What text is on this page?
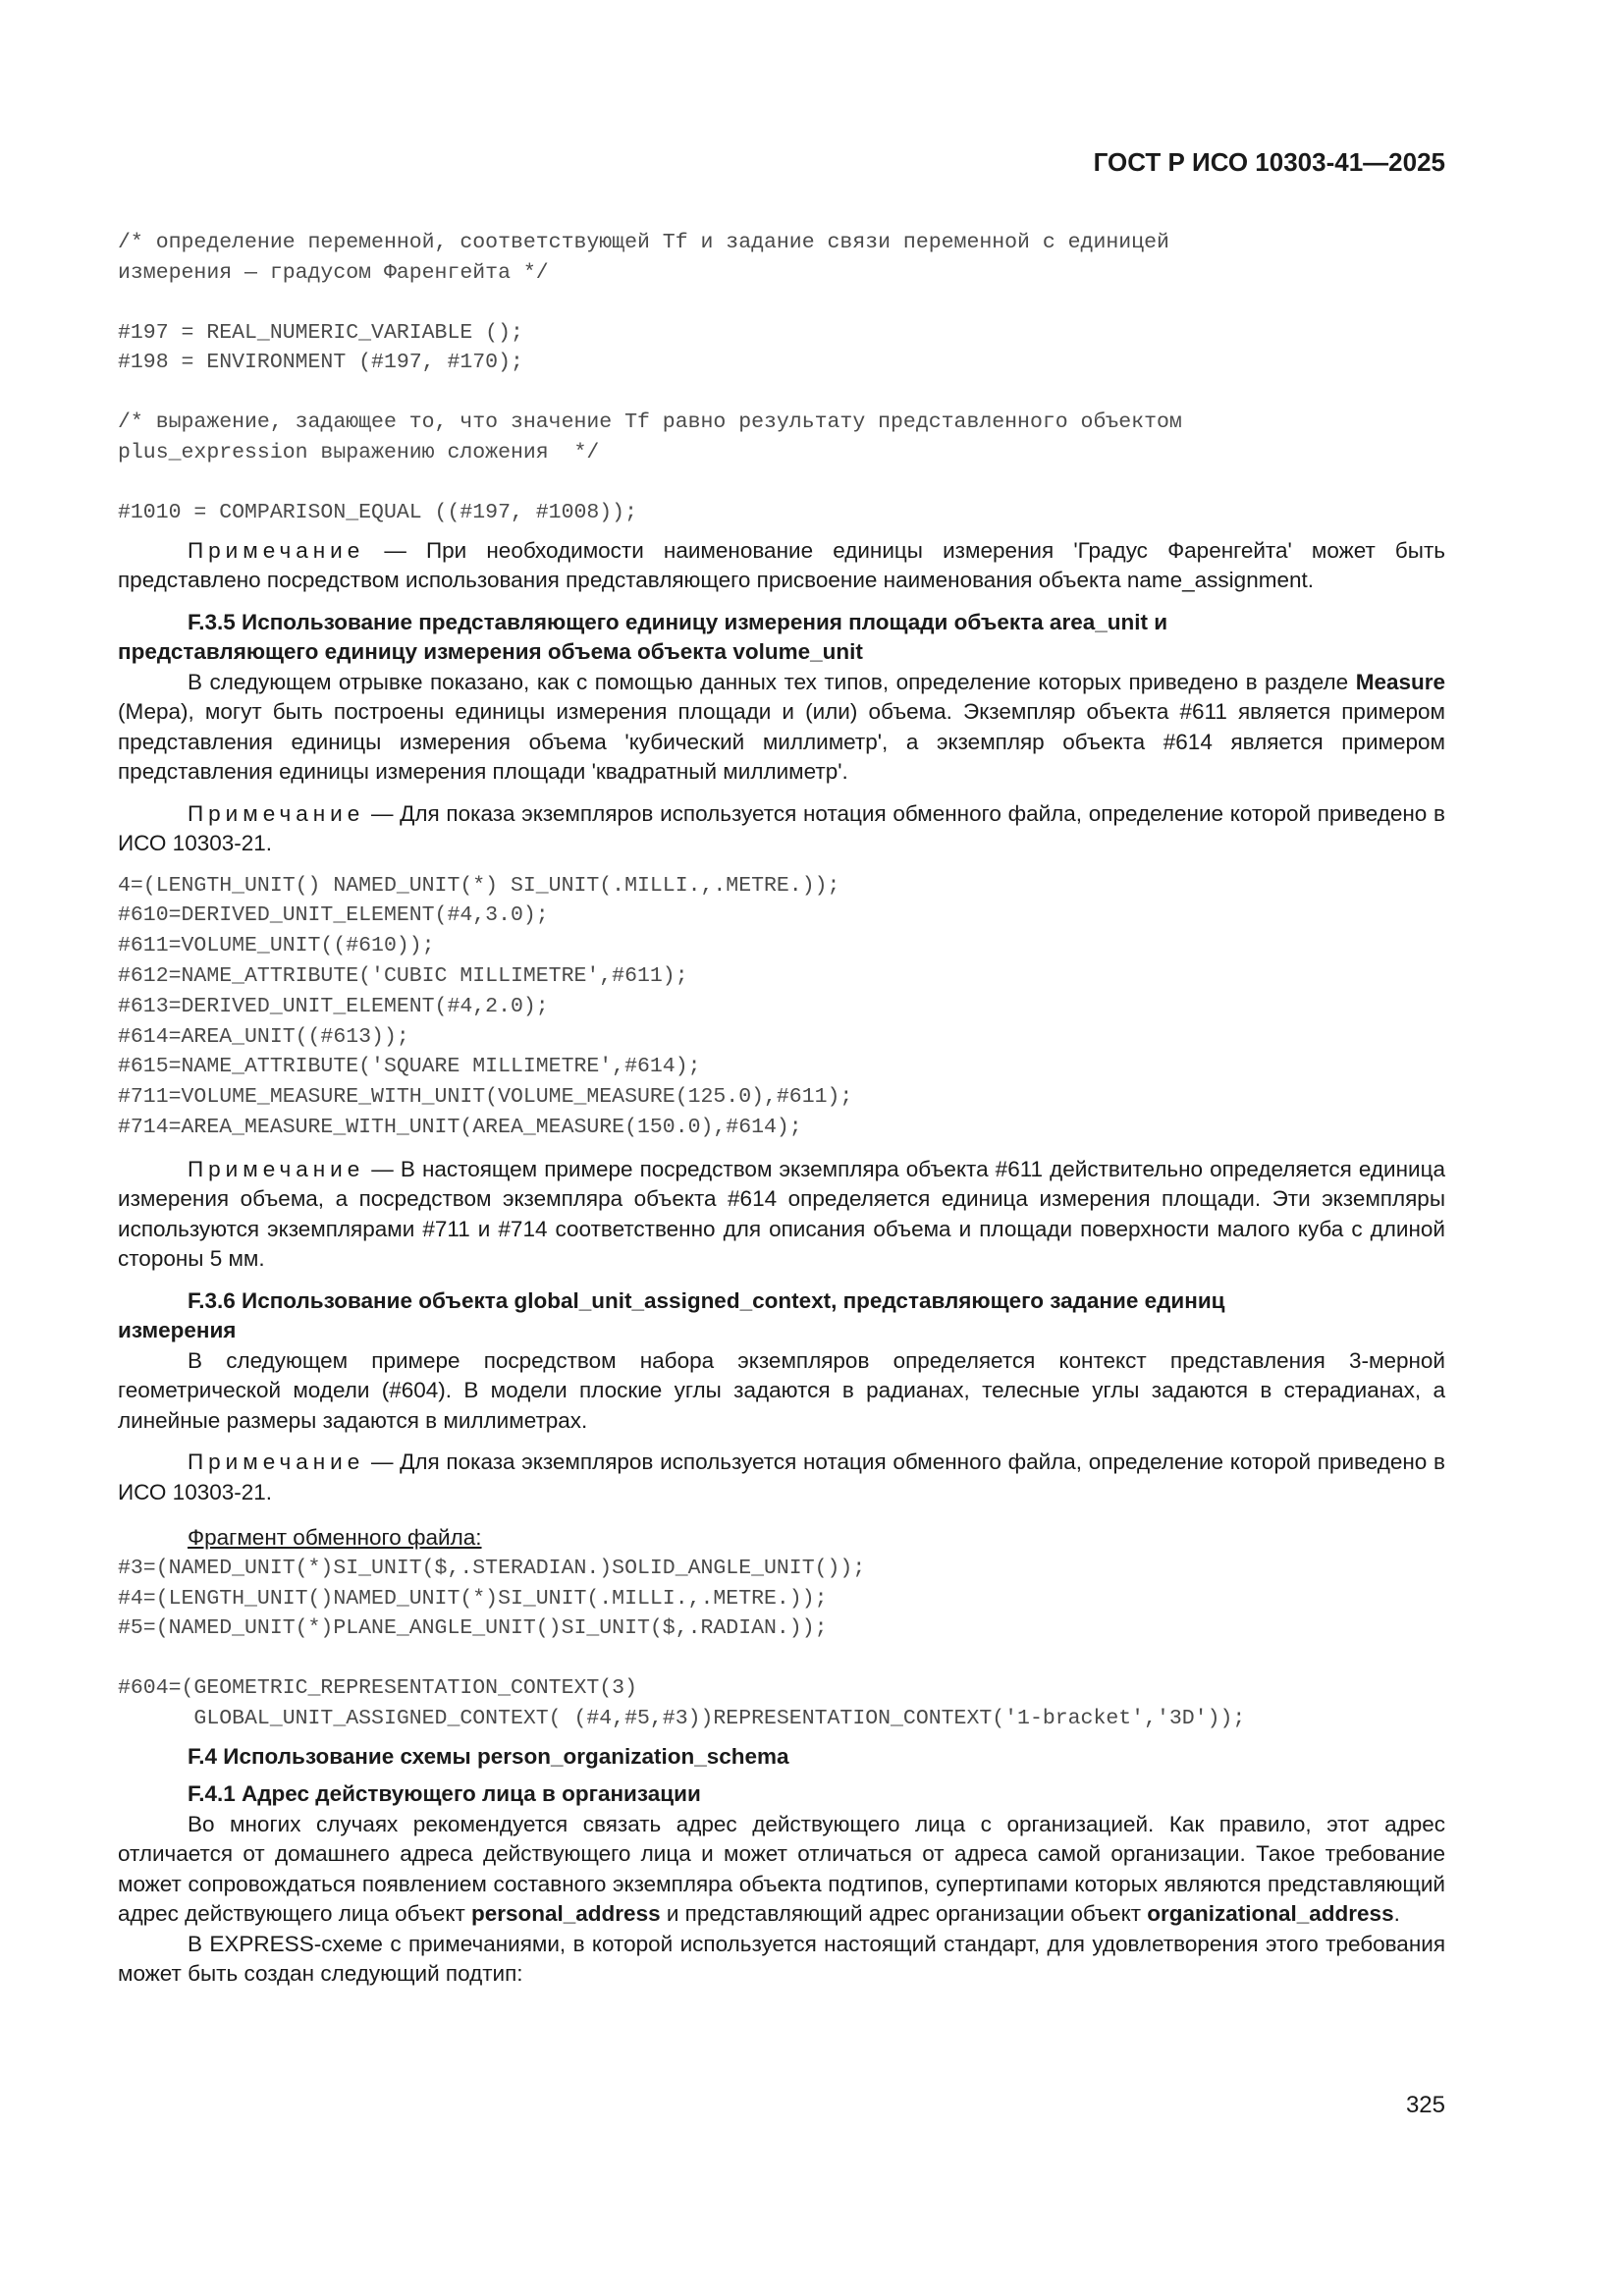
ГОСТ Р ИСО 10303-41—2025
/* определение переменной, соответствующей Tf и задание связи переменной с единицей
измерения — градусом Фаренгейта */
#197 = REAL_NUMERIC_VARIABLE ();
#198 = ENVIRONMENT (#197, #170);
/* выражение, задающее то, что значение Tf равно результату представленного объектом
plus_expression выражению сложения  */
#1010 = COMPARISON_EQUAL ((#197, #1008));

Примечание — При необходимости наименование единицы измерения 'Градус Фаренгейта' может быть представлено посредством использования представляющего присвоение наименования объекта name_assignment.

F.3.5 Использование представляющего единицу измерения площади объекта area_unit и
представляющего единицу измерения объема объекта volume_unit

В следующем отрывке показано, как с помощью данных тех типов, определение которых приведено в разделе Measure (Мера), могут быть построены единицы измерения площади и (или) объема. Экземпляр объекта #611 является примером представления единицы измерения объема 'кубический миллиметр', а экземпляр объекта #614 является примером представления единицы измерения площади 'квадратный миллиметр'.

Примечание — Для показа экземпляров используется нотация обменного файла, определение которой приведено в ИСО 10303-21.

4=(LENGTH_UNIT() NAMED_UNIT(*) SI_UNIT(.MILLI.,.METRE.));
#610=DERIVED_UNIT_ELEMENT(#4,3.0);
#611=VOLUME_UNIT((#610));
#612=NAME_ATTRIBUTE('CUBIC MILLIMETRE',#611);
#613=DERIVED_UNIT_ELEMENT(#4,2.0);
#614=AREA_UNIT((#613));
#615=NAME_ATTRIBUTE('SQUARE MILLIMETRE',#614);
#711=VOLUME_MEASURE_WITH_UNIT(VOLUME_MEASURE(125.0),#611);
#714=AREA_MEASURE_WITH_UNIT(AREA_MEASURE(150.0),#614);

Примечание — В настоящем примере посредством экземпляра объекта #611 действительно определяется единица измерения объема, а посредством экземпляра объекта #614 определяется единица измерения площади. Эти экземпляры используются экземплярами #711 и #714 соответственно для описания объема и площади поверхности малого куба с длиной стороны 5 мм.

F.3.6 Использование объекта global_unit_assigned_context, представляющего задание единиц
измерения

В следующем примере посредством набора экземпляров определяется контекст представления 3-мерной геометрической модели (#604). В модели плоские углы задаются в радианах, телесные углы задаются в стерадианах, а линейные размеры задаются в миллиметрах.

Примечание — Для показа экземпляров используется нотация обменного файла, определение которой приведено в ИСО 10303-21.

Фрагмент обменного файла:

#3=(NAMED_UNIT(*)SI_UNIT($,.STERADIAN.)SOLID_ANGLE_UNIT());
#4=(LENGTH_UNIT()NAMED_UNIT(*)SI_UNIT(.MILLI.,.METRE.));
#5=(NAMED_UNIT(*)PLANE_ANGLE_UNIT()SI_UNIT($,.RADIAN.));
#604=(GEOMETRIC_REPRESENTATION_CONTEXT(3)
GLOBAL_UNIT_ASSIGNED_CONTEXT( (#4,#5,#3))REPRESENTATION_CONTEXT('1-bracket','3D'));

F.4 Использование схемы person_organization_schema

F.4.1 Адрес действующего лица в организации

Во многих случаях рекомендуется связать адрес действующего лица с организацией. Как правило, этот адрес отличается от домашнего адреса действующего лица и может отличаться от адреса самой организации. Такое требование может сопровождаться появлением составного экземпляра объекта подтипов, супертипами которых являются представляющий адрес действующего лица объект personal_address и представляющий адрес организации объект organizational_address.

В EXPRESS-схеме с примечаниями, в которой используется настоящий стандарт, для удовлетворения этого требования может быть создан следующий подтип:

325
